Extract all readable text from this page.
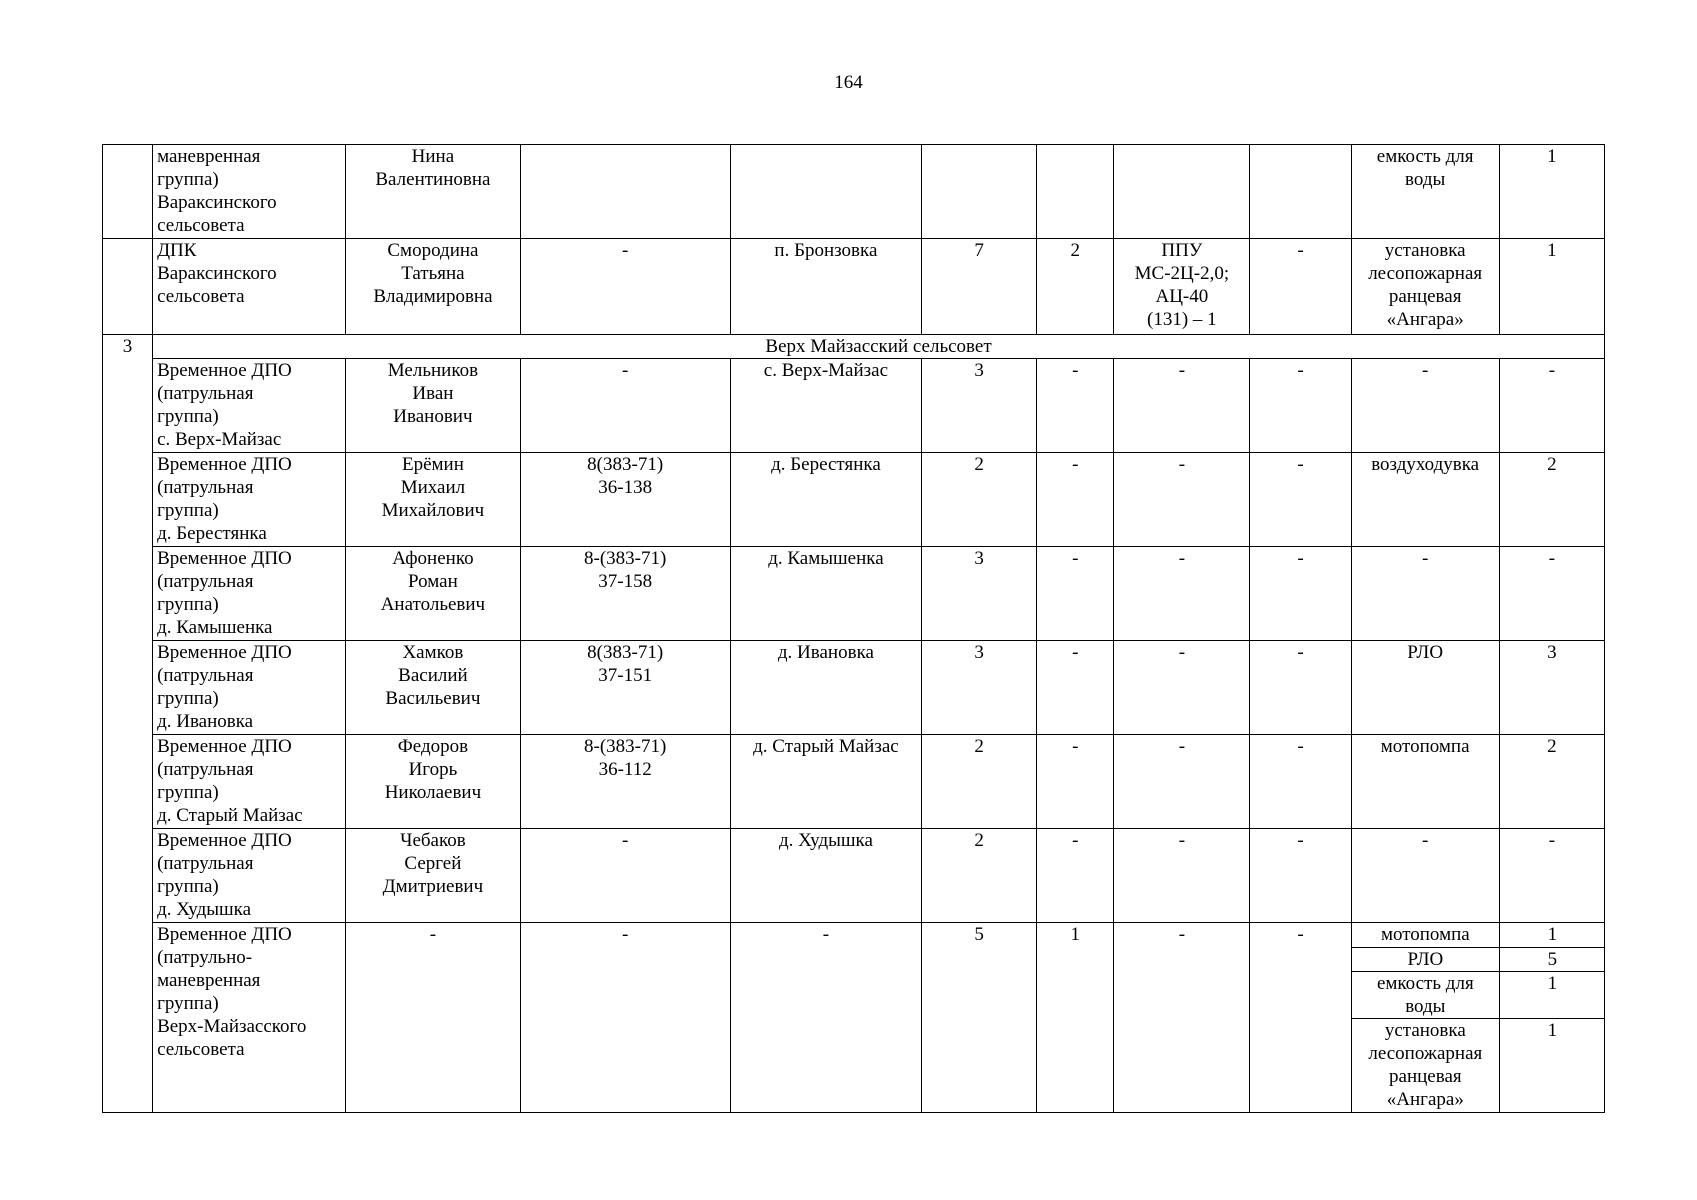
164
	маневренная
группа)
Вараксинского
сельсовета	Нина
Валентиновна							емкость для
воды	1
	ДПК
Вараксинского
сельсовета	Смородина
Татьяна
Владимировна	-	п. Бронзовка	7	2	ППУ
МС-2Ц-2,0;
АЦ-40
(131) – 1	-	установка
лесопожарная
ранцевая
«Ангара»	1
3	Верх Майзасский сельсовет
Временное ДПО
(патрульная
группа)
с. Верх-Майзас	Мельников
Иван
Иванович	-	с. Верх-Майзас	3	-	-	-	-	-
Временное ДПО
(патрульная
группа)
д. Берестянка	Ерёмин
Михаил
Михайлович	8(383-71)
36-138	д. Берестянка	2	-	-	-	воздуходувка	2
Временное ДПО
(патрульная
группа)
д. Камышенка	Афоненко
Роман
Анатольевич	8-(383-71)
37-158	д. Камышенка	3	-	-	-	-	-
Временное ДПО
(патрульная
группа)
д. Ивановка	Хамков
Василий
Васильевич	8(383-71)
37-151	д. Ивановка	3	-	-	-	РЛО	3
Временное ДПО
(патрульная
группа)
д. Старый Майзас	Федоров
Игорь
Николаевич	8-(383-71)
36-112	д. Старый Майзас	2	-	-	-	мотопомпа	2
Временное ДПО
(патрульная
группа)
д. Худышка	Чебаков
Сергей
Дмитриевич	-	д. Худышка	2	-	-	-	-	-
Временное ДПО
(патрульно-
маневренная
группа)
Верх-Майзасского
сельсовета	-	-	-	5	1	-	-		мотопомпа	1
РЛО	5
емкость для
воды	1
установка
лесопожарная
ранцевая
«Ангара»	1
